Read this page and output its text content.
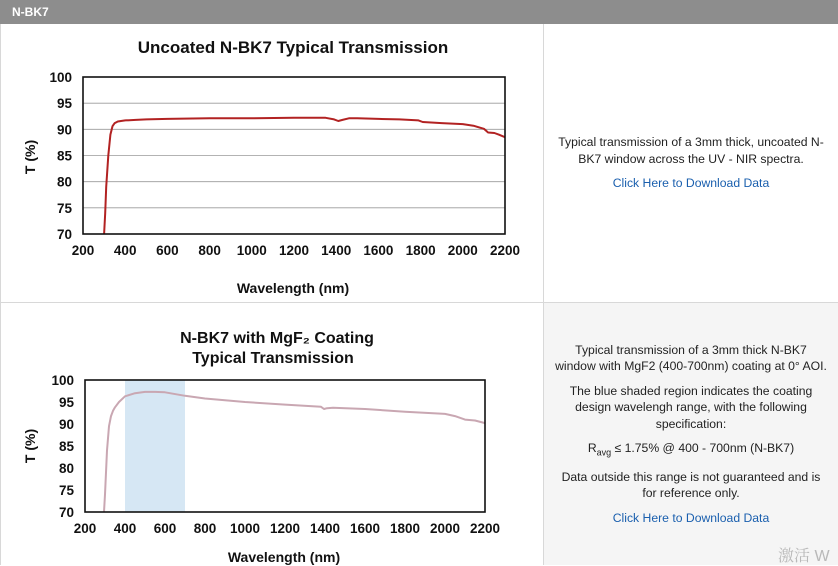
N-BK7
Uncoated N-BK7 Typical Transmission
T (%)
Wavelength (nm)
70
75
80
85
90
95
100
200 400 600 800 1000 1200 1400 1600 1800 2000 2200

Typical transmission of a 3mm thick, uncoated N-BK7 window across the UV - NIR spectra.

Click Here to Download Data
N-BK7 with MgF₂ Coating
Typical Transmission
T (%)
Wavelength (nm)
70
75
80
85
90
95
100
200 400 600 800 1000 1200 1400 1600 1800 2000 2200

Typical transmission of a 3mm thick N-BK7 window with MgF2 (400-700nm) coating at 0° AOI.

The blue shaded region indicates the coating design wavelengh range, with the following specification:

$R_{avg} \le 1.75\%$ @ 400 - 700nm (N-BK7)

Data outside this range is not guaranteed and is for reference only.

Click Here to Download Data
激活 W
